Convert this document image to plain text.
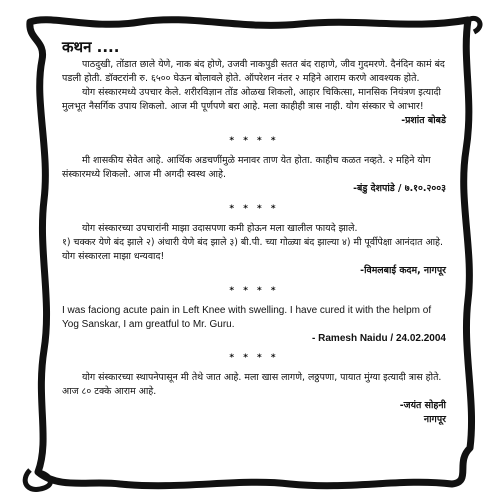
कथन ....

पाठदुखी, तोंडात छाले येणे, नाक बंद होणे, उजवी नाकपुडी सतत बंद राहाणे, जीव गुदमरणे. दैनंदिन कामं बंद पडली होती. डॉक्टरांनी रु. ६५०० घेऊन बोलावले होते. ऑपरेशन नंतर २ महिने आराम करणे आवश्यक होते.

योग संस्कारमध्ये उपचार केले. शरीरविज्ञान तोंड ओळख शिकलो, आहार चिकित्सा, मानसिक नियंत्रण इत्यादी मुलभूत नैसर्गिक उपाय शिकलो. आज मी पूर्णपणे बरा आहे. मला काहीही त्रास नाही. योग संस्कार चे आभार!

-प्रशांत बोबडे

* * * *

मी शासकीय सेवेत आहे. आर्थिक अडचणींमुळे मनावर ताण येत होता. काहीच कळत नव्हते. २ महिने योग संस्कारमध्ये शिकलो. आज मी अगदी स्वस्थ आहे.

-बंडु देशपांडे / ७.१०.२००३

* * * *

योग संस्कारच्या उपचारांनी माझा उदासपणा कमी होऊन मला खालील फायदे झाले.

१) चक्कर येणे बंद झाले २) अंधारी येणे बंद झाले ३) बी.पी. च्या गोळ्या बंद झाल्या ४) मी पूर्वीपेक्षा आनंदात आहे. योग संस्कारला माझा धन्यवाद!

-विमलबाई कदम, नागपूर

* * * *

I was faciong acute pain in Left Knee with swelling. I have cured it with the helpm of Yog Sanskar, I am greatful to Mr. Guru.

- Ramesh Naidu / 24.02.2004

* * * *

योग संस्कारच्या स्थापनेपासून मी तेथे जात आहे. मला खास लागणे, लठ्ठपणा, पायात मुंग्या इत्यादी त्रास होते. आज ८० टक्के आराम आहे.

-जयंत सोहनी

नागपूर
